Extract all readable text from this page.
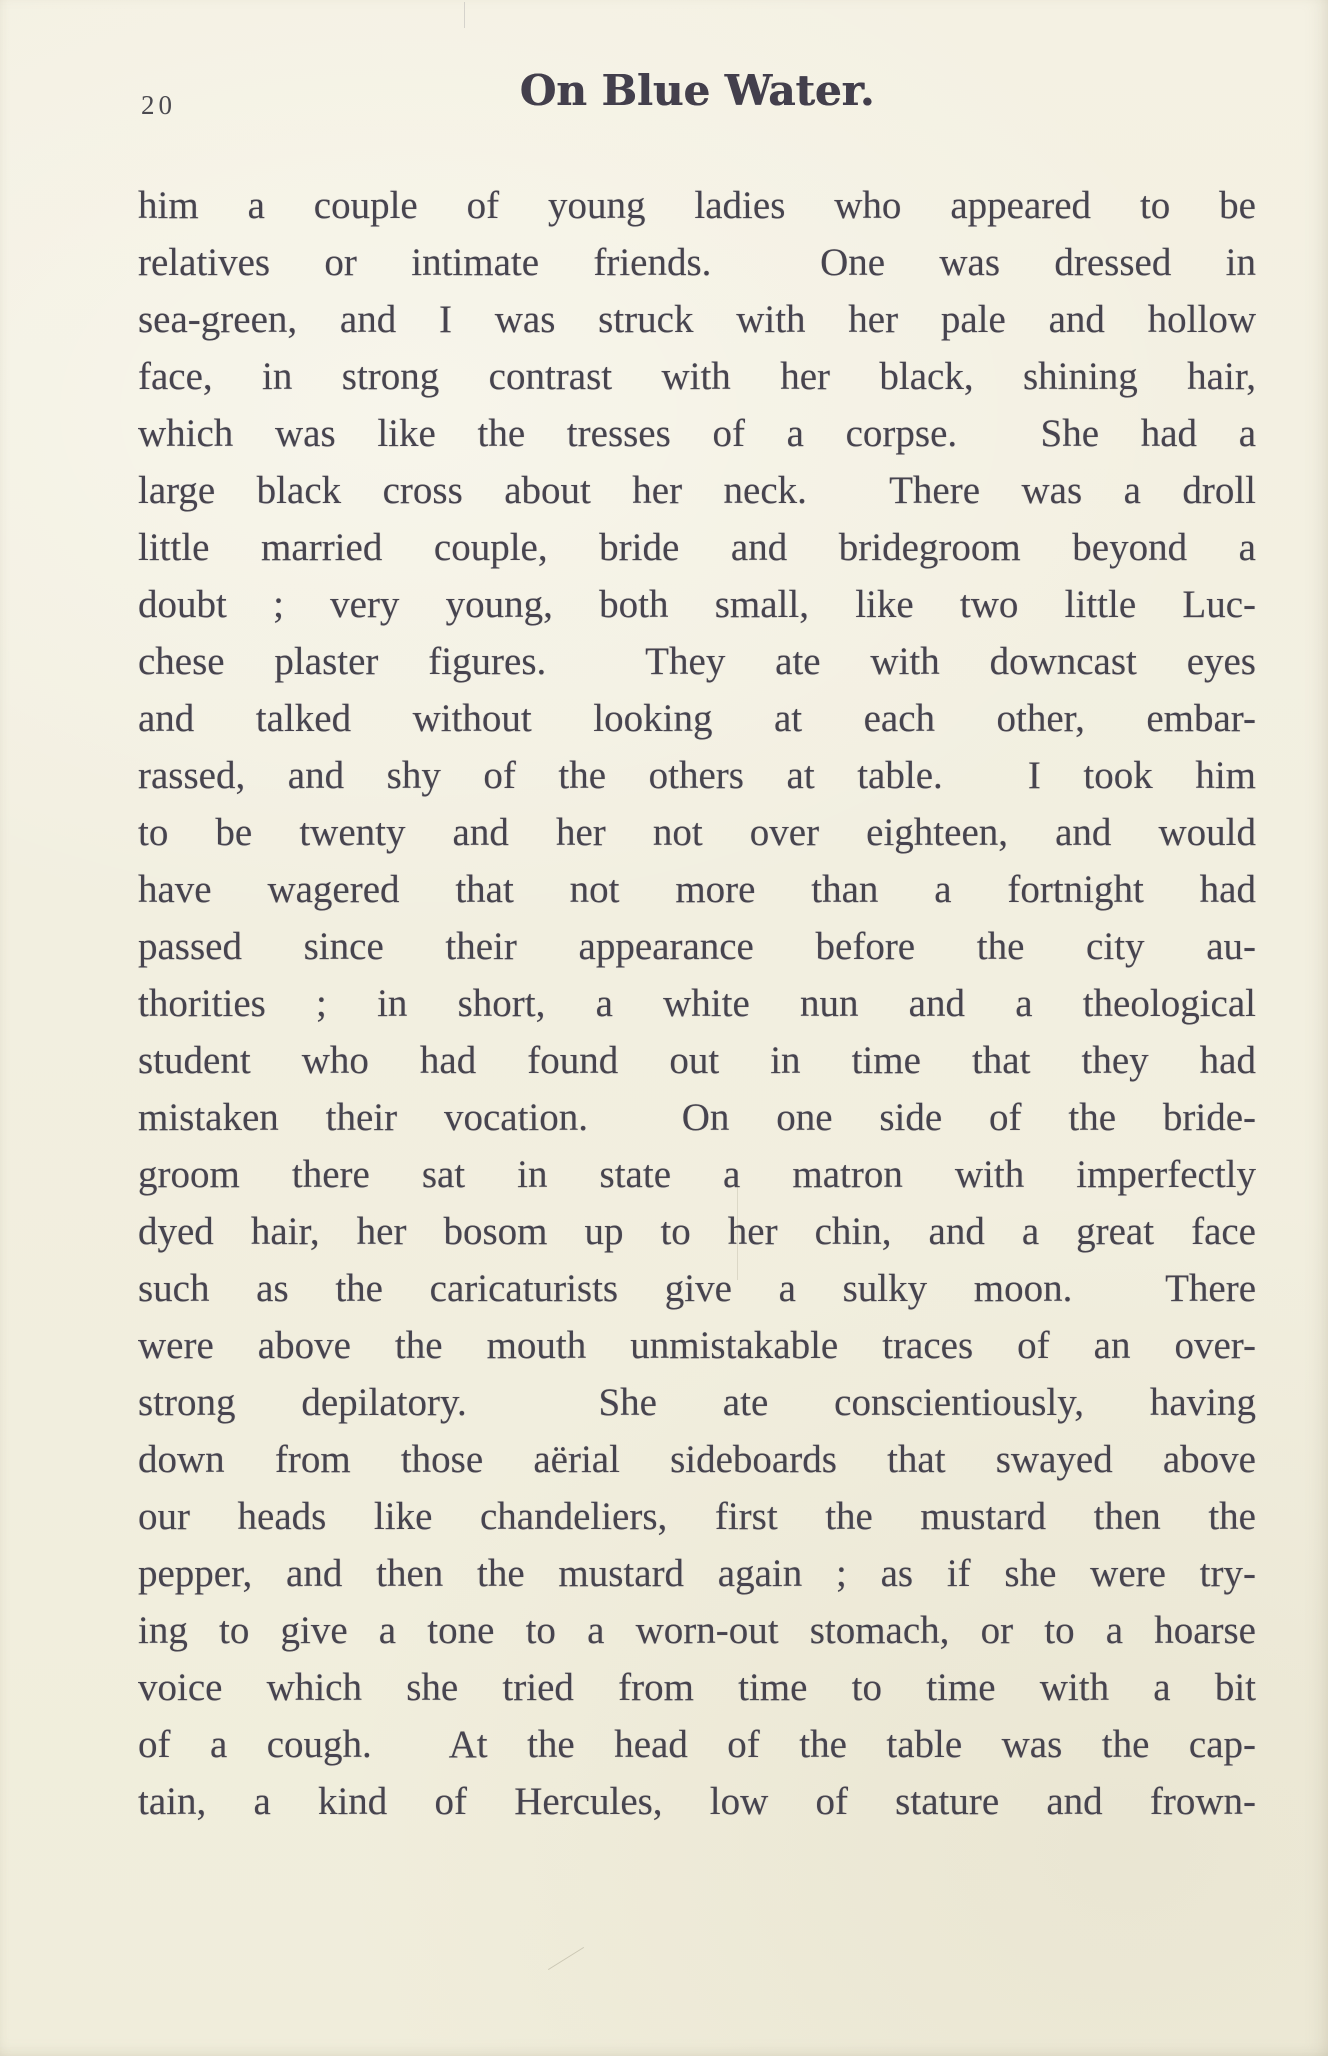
20	On Blue Water.
him a couple of young ladies who appeared to be
relatives or intimate friends.  One was dressed in
sea-green, and I was struck with her pale and hollow
face, in strong contrast with her black, shining hair,
which was like the tresses of a corpse.  She had a
large black cross about her neck.  There was a droll
little married couple, bride and bridegroom beyond a
doubt ; very young, both small, like two little Luc-
chese plaster figures.  They ate with downcast eyes
and talked without looking at each other, embar-
rassed, and shy of the others at table.  I took him
to be twenty and her not over eighteen, and would
have wagered that not more than a fortnight had
passed since their appearance before the city au-
thorities ; in short, a white nun and a theological
student who had found out in time that they had
mistaken their vocation.  On one side of the bride-
groom there sat in state a matron with imperfectly
dyed hair, her bosom up to her chin, and a great face
such as the caricaturists give a sulky moon.  There
were above the mouth unmistakable traces of an over-
strong depilatory.  She ate conscientiously, having
down from those aërial sideboards that swayed above
our heads like chandeliers, first the mustard then the
pepper, and then the mustard again ; as if she were try-
ing to give a tone to a worn-out stomach, or to a hoarse
voice which she tried from time to time with a bit
of a cough.  At the head of the table was the cap-
tain, a kind of Hercules, low of stature and frown-
